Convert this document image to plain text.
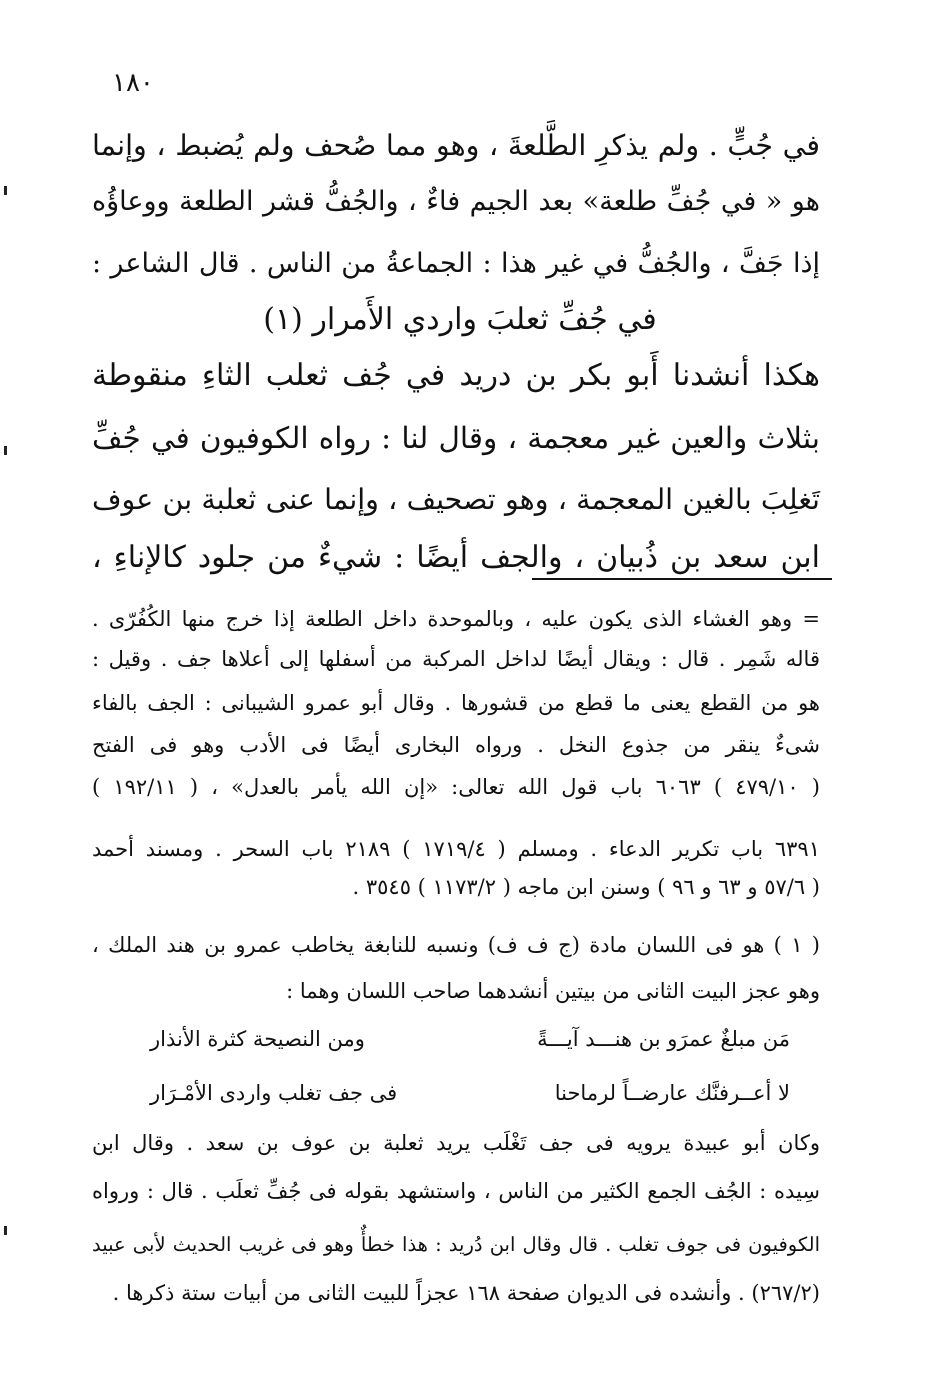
١٨٠
في جُبٍّ . ولم يذكرِ الطَّلعةَ ، وهو مما صُحف ولم يُضبط ، وإنما
هو « في جُفِّ طلعة» بعد الجيم فاءٌ ، والجُفُّ قشر الطلعة ووعاؤُه
إذا جَفَّ ، والجُفُّ في غير هذا : الجماعةُ من الناس . قال الشاعر :
في جُفِّ ثعلبَ واردي الأَمرار (١)
هكذا أنشدنا أَبو بكر بن دريد في جُف ثعلب الثاءِ منقوطة
بثلاث والعين غير معجمة ، وقال لنا : رواه الكوفيون في جُفِّ
تَغلِبَ بالغين المعجمة ، وهو تصحيف ، وإنما عنى ثعلبة بن عوف
ابن سعد بن ذُبيان ، والجف أيضًا : شيءٌ من جلود كالإناءِ ،
= وهو الغشاء الذى يكون عليه ، وبالموحدة داخل الطلعة إذا خرج منها الكُفُرّى .
قاله شَمِر . قال : ويقال أيضًا لداخل المركبة من أسفلها إلى أعلاها جف . وقيل :
هو من القطع يعنى ما قطع من قشورها . وقال أبو عمرو الشيبانى : الجف بالفاء
شىءٌ ينقر من جذوع النخل . ورواه البخارى أيضًا فى الأدب وهو فى الفتح
( ٤٧٩/١٠ ) ٦٠٦٣ باب قول الله تعالى: «إن الله يأمر بالعدل» ، ( ١٩٢/١١ )
٦٣٩١ باب تكرير الدعاء . ومسلم ( ١٧١٩/٤ ) ٢١٨٩ باب السحر . ومسند أحمد
( ٥٧/٦ و ٦٣ و ٩٦ ) وسنن ابن ماجه ( ١١٧٣/٢ ) ٣٥٤٥ .
( ١ ) هو فى اللسان مادة (ج ف ف) ونسبه للنابغة يخاطب عمرو بن هند الملك ،
وهو عجز البيت الثانى من بيتين أنشدهما صاحب اللسان وهما :
مَن مبلغٌ عمرَو بن هنـــد آيـــةً
ومن النصيحة كثرة الأنذار
لا أعــرفنَّك عارضــاً لرماحنا
فى جف تغلب واردى الأمْـرَار
وكان أبو عبيدة يرويه فى جف تَغْلَب يريد ثعلبة بن عوف بن سعد . وقال ابن
سِيده : الجُف الجمع الكثير من الناس ، واستشهد بقوله فى جُفِّ ثعلَب . قال : ورواه
الكوفيون فى جوف تغلب . قال وقال ابن دُريد : هذا خطأٌ وهو فى غريب الحديث لأبى عبيد
(٢٦٧/٢) . وأنشده فى الديوان صفحة ١٦٨ عجزاً للبيت الثانى من أبيات ستة ذكرها .
